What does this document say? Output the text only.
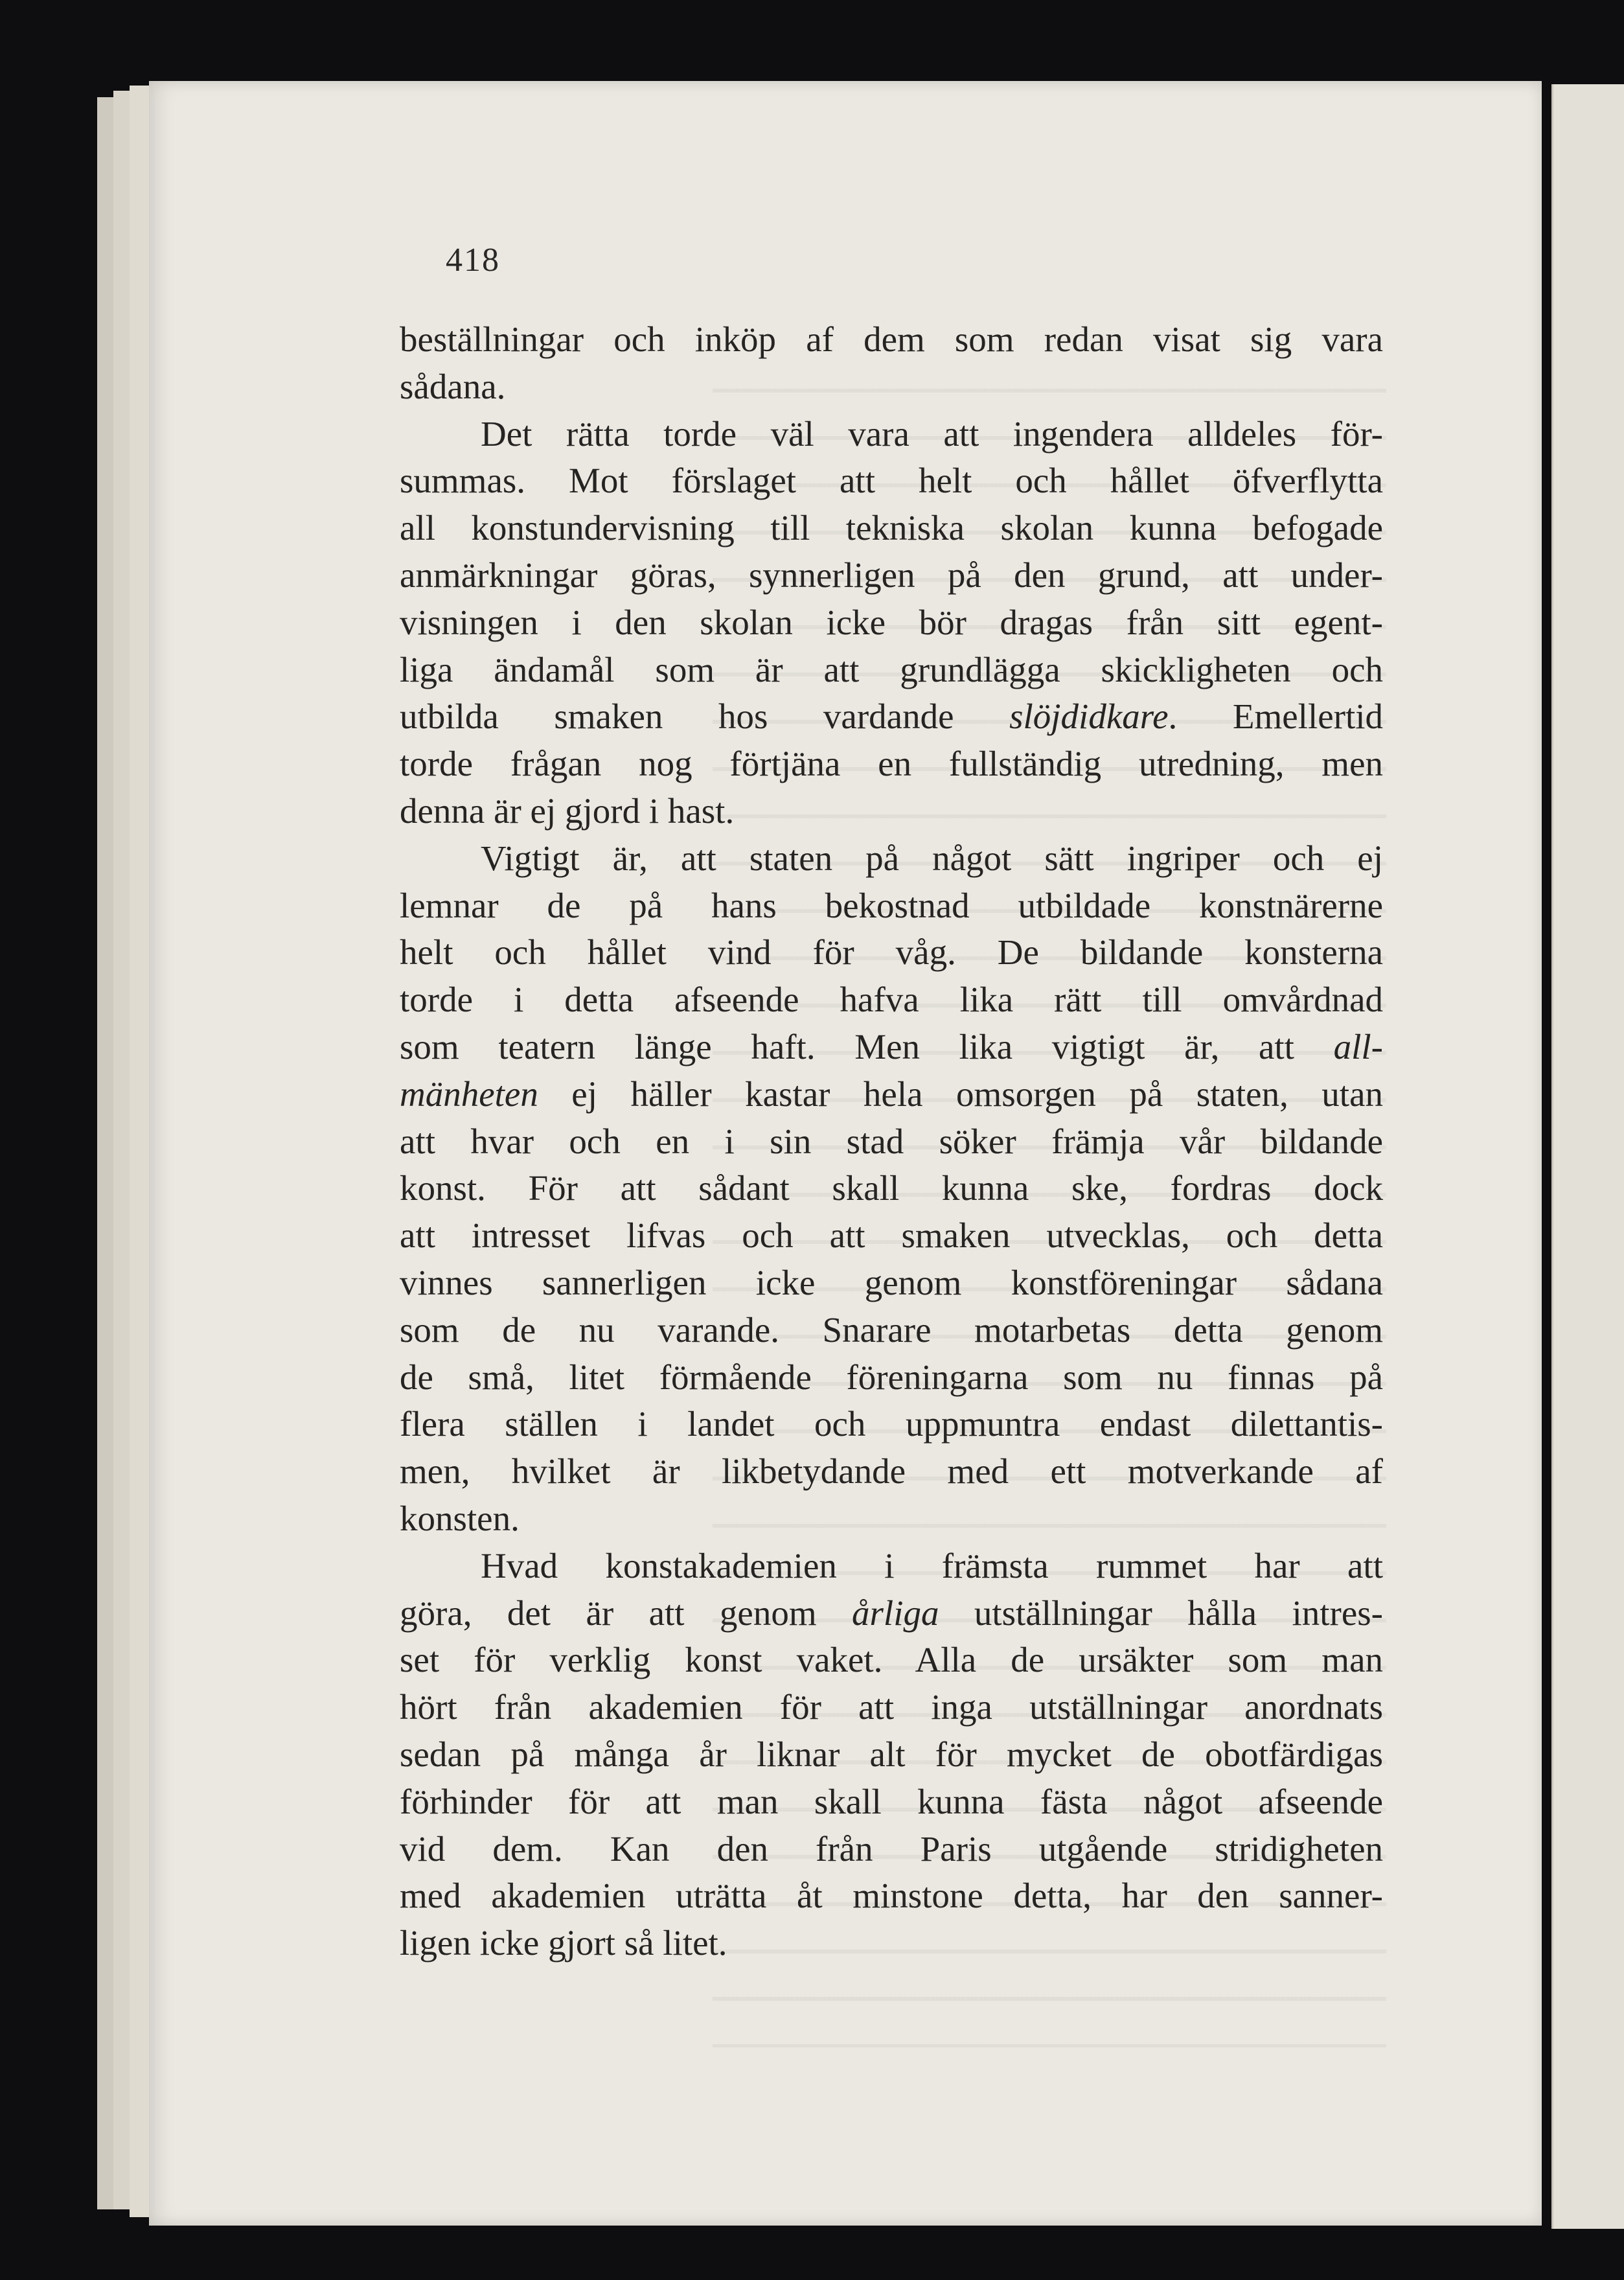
418
beställningar och inköp af dem som redan visat sig vara
sådana.
Det rätta torde väl vara att ingendera alldeles för-
summas. Mot förslaget att helt och hållet öfverflytta
all konstundervisning till tekniska skolan kunna befogade
anmärkningar göras, synnerligen på den grund, att under-
visningen i den skolan icke bör dragas från sitt egent-
liga ändamål som är att grundlägga skickligheten och
utbilda smaken hos vardande slöjdidkare. Emellertid
torde frågan nog förtjäna en fullständig utredning, men
denna är ej gjord i hast.
Vigtigt är, att staten på något sätt ingriper och ej
lemnar de på hans bekostnad utbildade konstnärerne
helt och hållet vind för våg. De bildande konsterna
torde i detta afseende hafva lika rätt till omvårdnad
som teatern länge haft. Men lika vigtigt är, att all-
mänheten ej häller kastar hela omsorgen på staten, utan
att hvar och en i sin stad söker främja vår bildande
konst. För att sådant skall kunna ske, fordras dock
att intresset lifvas och att smaken utvecklas, och detta
vinnes sannerligen icke genom konstföreningar sådana
som de nu varande. Snarare motarbetas detta genom
de små, litet förmående föreningarna som nu finnas på
flera ställen i landet och uppmuntra endast dilettantis-
men, hvilket är likbetydande med ett motverkande af
konsten.
Hvad konstakademien i främsta rummet har att
göra, det är att genom årliga utställningar hålla intres-
set för verklig konst vaket. Alla de ursäkter som man
hört från akademien för att inga utställningar anordnats
sedan på många år liknar alt för mycket de obotfärdigas
förhinder för att man skall kunna fästa något afseende
vid dem. Kan den från Paris utgående stridigheten
med akademien uträtta åt minstone detta, har den sanner-
ligen icke gjort så litet.
